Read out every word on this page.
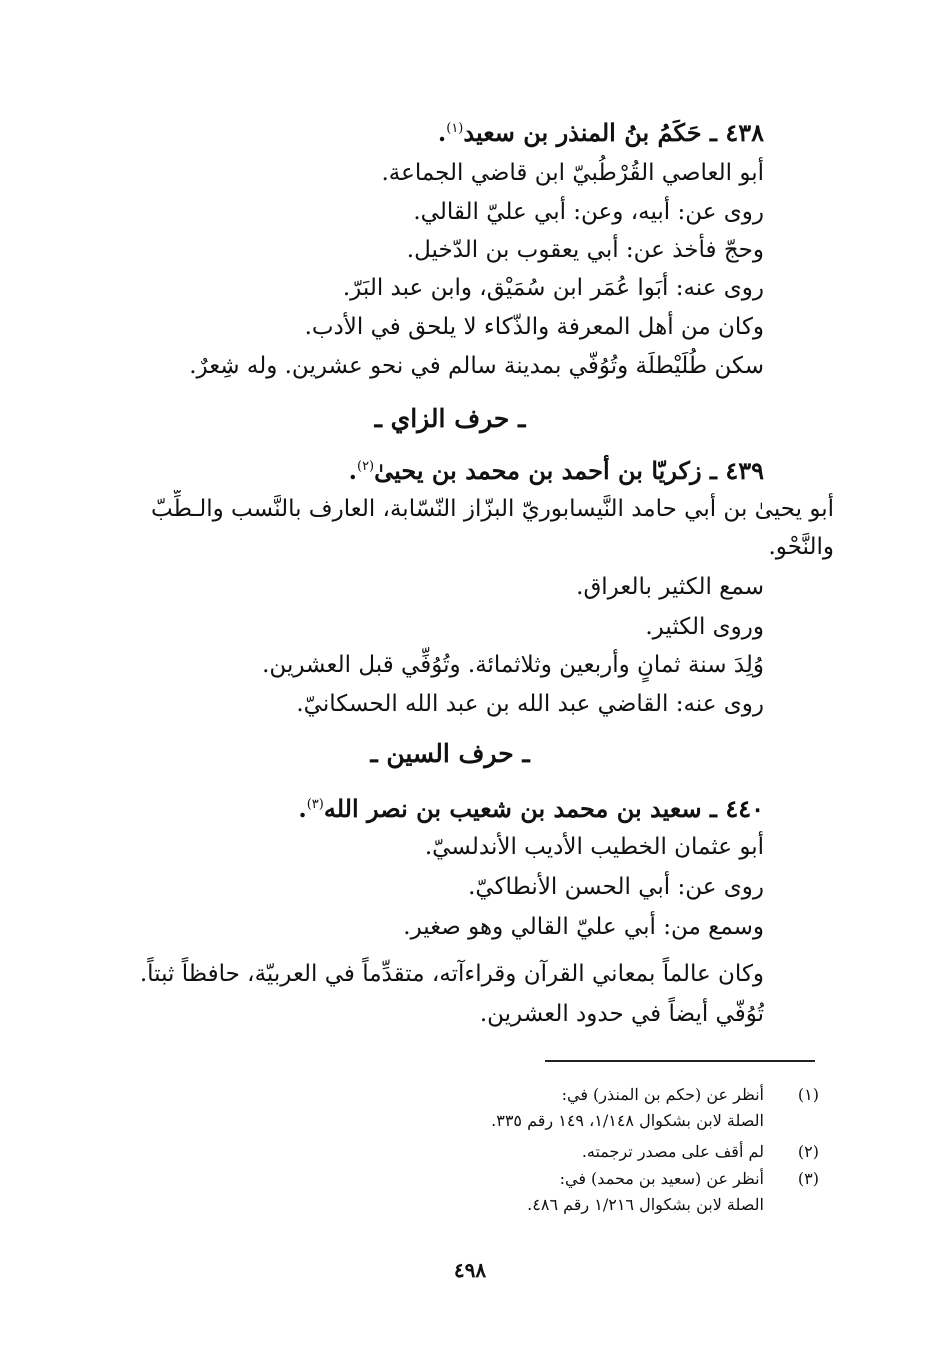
٤٣٨ ـ حَكَمُ بنُ المنذر بن سعيد$^{(١)}$.
أبو العاصي القُرْطُبيّ ابن قاضي الجماعة.
روى عن: أبيه، وعن: أبي عليّ القالي.
وحجّ فأخذ عن: أبي يعقوب بن الدّخيل.
روى عنه: أبَوا عُمَر ابن سُمَيْق، وابن عبد البَرّ.
وكان من أهل المعرفة والذّكاء لا يلحق في الأدب.
سكن طُلَيْطلَة وتُوُفّي بمدينة سالم في نحو عشرين. وله شِعرٌ.
ـ حرف الزاي ـ
٤٣٩ ـ زكريّا بن أحمد بن محمد بن يحيىٰ$^{(٢)}$.
أبو يحيىٰ بن أبي حامد النَّيسابوريّ البزّاز النّسّابة، العارف بالنَّسب والـطِّبّ
والنَّحْو.
سمع الكثير بالعراق.
وروى الكثير.
وُلِدَ سنة ثمانٍ وأربعين وثلاثمائة. وتُوُفِّي قبل العشرين.
روى عنه: القاضي عبد الله بن عبد الله الحسكانيّ.
ـ حرف السين ـ
٤٤٠ ـ سعيد بن محمد بن شعيب بن نصر الله$^{(٣)}$.
أبو عثمان الخطيب الأديب الأندلسيّ.
روى عن: أبي الحسن الأنطاكيّ.
وسمع من: أبي عليّ القالي وهو صغير.
وكان عالماً بمعاني القرآن وقراءآته، متقدِّماً في العربيّة، حافظاً ثبتاً.
تُوُفّي أيضاً في حدود العشرين.
(١)
أنظر عن (حكم بن المنذر) في:
الصلة لابن بشكوال ١/١٤٨، ١٤٩ رقم ٣٣٥.
(٢)
لم أقف على مصدر ترجمته.
(٣)
أنظر عن (سعيد بن محمد) في:
الصلة لابن بشكوال ١/٢١٦ رقم ٤٨٦.
٤٩٨
